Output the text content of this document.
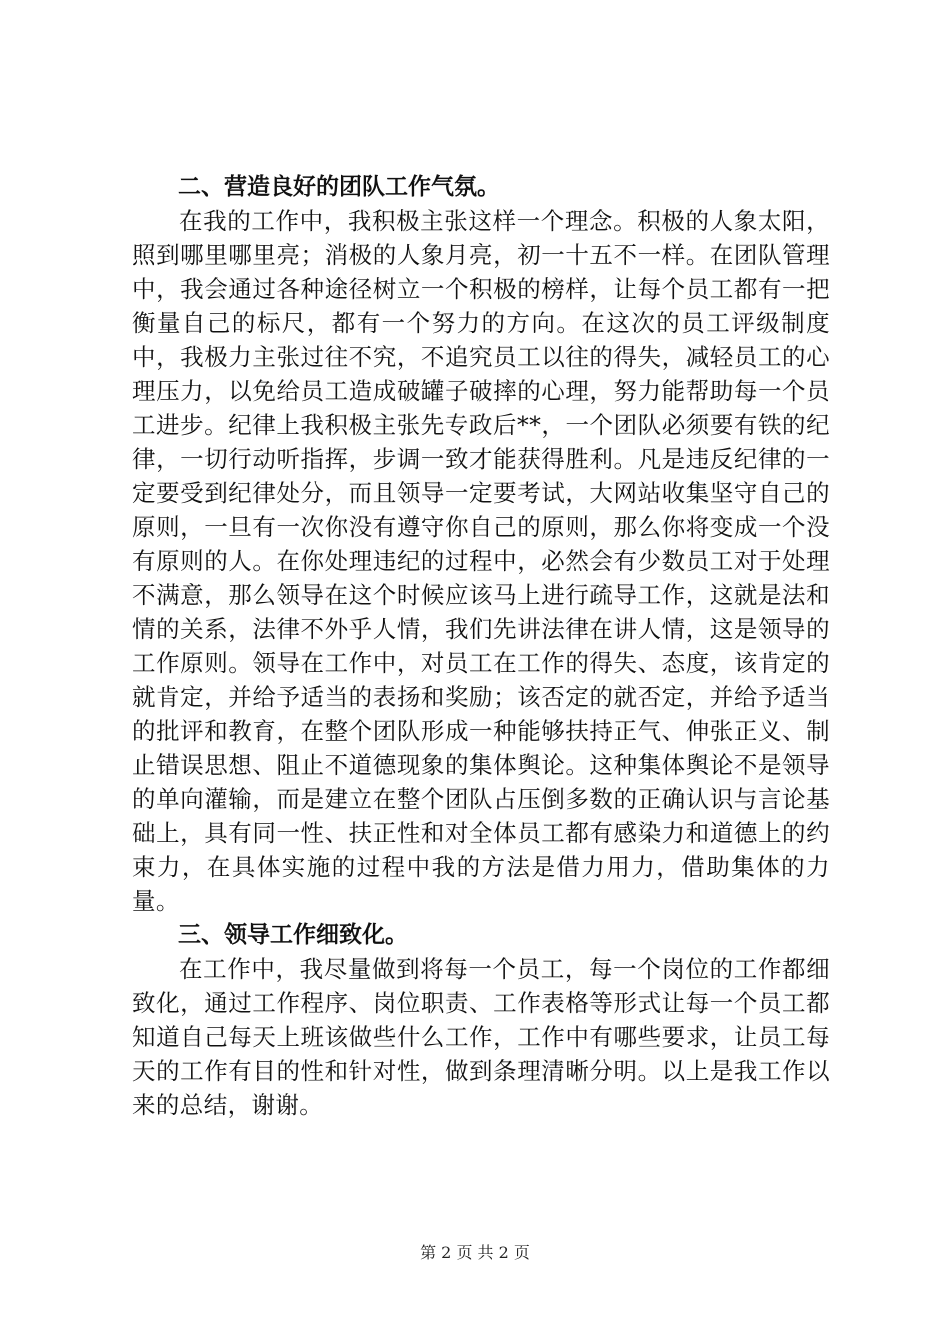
二、营造良好的团队工作气氛。

在我的工作中，我积极主张这样一个理念。积极的人象太阳，照到哪里哪里亮；消极的人象月亮，初一十五不一样。在团队管理中，我会通过各种途径树立一个积极的榜样，让每个员工都有一把衡量自己的标尺，都有一个努力的方向。在这次的员工评级制度中，我极力主张过往不究，不追究员工以往的得失，减轻员工的心理压力，以免给员工造成破罐子破摔的心理，努力能帮助每一个员工进步。纪律上我积极主张先专政后**，一个团队必须要有铁的纪律，一切行动听指挥，步调一致才能获得胜利。凡是违反纪律的一定要受到纪律处分，而且领导一定要考试，大网站收集坚守自己的原则，一旦有一次你没有遵守你自己的原则，那么你将变成一个没有原则的人。在你处理违纪的过程中，必然会有少数员工对于处理不满意，那么领导在这个时候应该马上进行疏导工作，这就是法和情的关系，法律不外乎人情，我们先讲法律在讲人情，这是领导的工作原则。领导在工作中，对员工在工作的得失、态度，该肯定的就肯定，并给予适当的表扬和奖励；该否定的就否定，并给予适当的批评和教育，在整个团队形成一种能够扶持正气、伸张正义、制止错误思想、阻止不道德现象的集体舆论。这种集体舆论不是领导的单向灌输，而是建立在整个团队占压倒多数的正确认识与言论基础上，具有同一性、扶正性和对全体员工都有感染力和道德上的约束力，在具体实施的过程中我的方法是借力用力，借助集体的力量。

三、领导工作细致化。

在工作中，我尽量做到将每一个员工，每一个岗位的工作都细致化，通过工作程序、岗位职责、工作表格等形式让每一个员工都知道自己每天上班该做些什么工作，工作中有哪些要求，让员工每天的工作有目的性和针对性，做到条理清晰分明。以上是我工作以来的总结，谢谢。

第 2 页 共 2 页
